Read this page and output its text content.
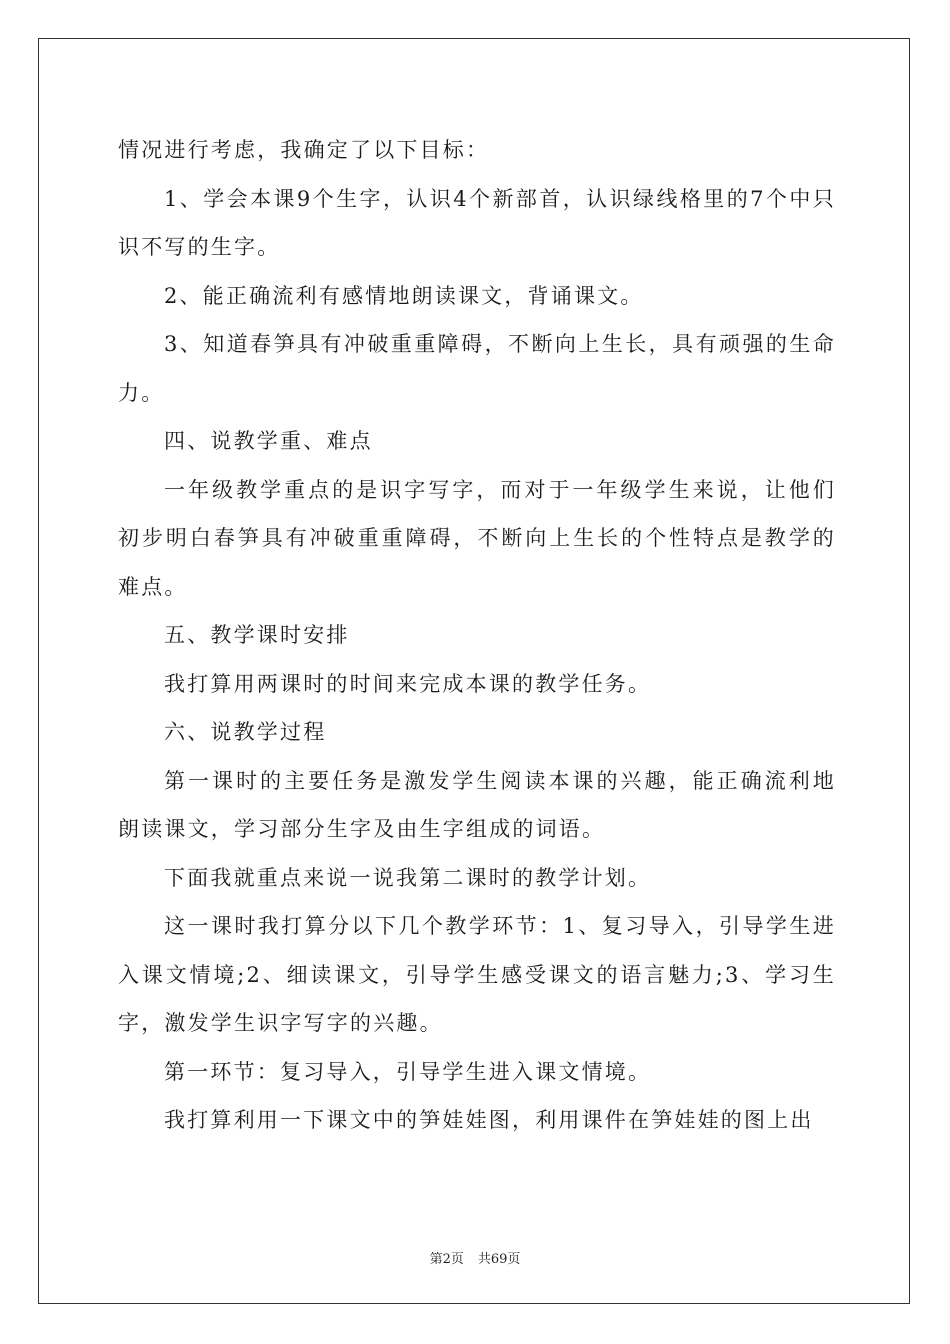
情况进行考虑，我确定了以下目标：

1、学会本课9个生字，认识4个新部首，认识绿线格里的7个中只识不写的生字。

2、能正确流利有感情地朗读课文，背诵课文。

3、知道春笋具有冲破重重障碍，不断向上生长，具有顽强的生命力。

四、说教学重、难点

一年级教学重点的是识字写字，而对于一年级学生来说，让他们初步明白春笋具有冲破重重障碍，不断向上生长的个性特点是教学的难点。

五、教学课时安排

我打算用两课时的时间来完成本课的教学任务。

六、说教学过程

第一课时的主要任务是激发学生阅读本课的兴趣，能正确流利地朗读课文，学习部分生字及由生字组成的词语。

下面我就重点来说一说我第二课时的教学计划。

这一课时我打算分以下几个教学环节：1、复习导入，引导学生进入课文情境;2、细读课文，引导学生感受课文的语言魅力;3、学习生字，激发学生识字写字的兴趣。

第一环节：复习导入，引导学生进入课文情境。

我打算利用一下课文中的笋娃娃图，利用课件在笋娃娃的图上出

第2页 共69页
